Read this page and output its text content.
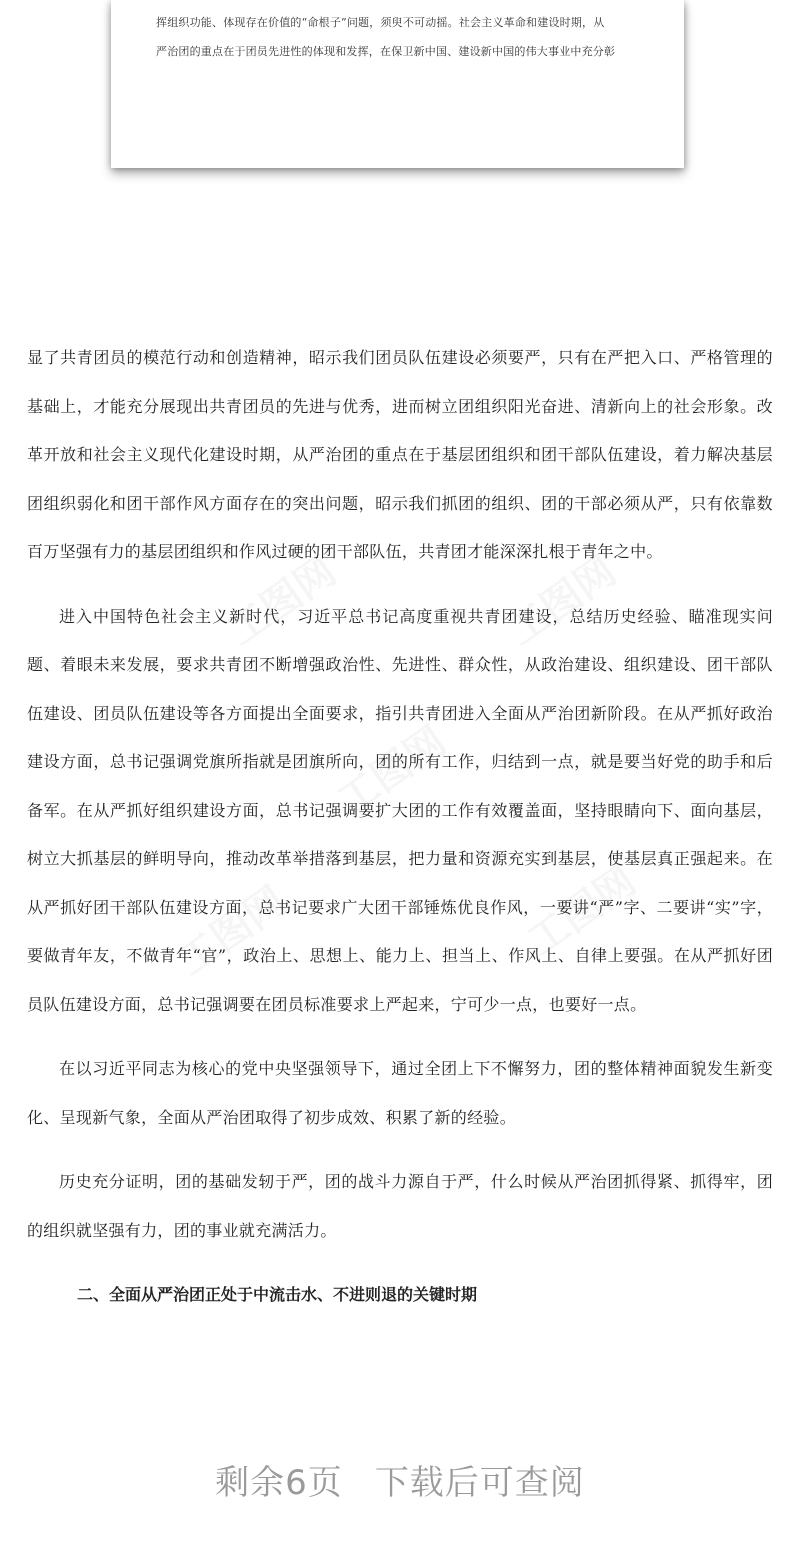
挥组织功能、体现存在价值的“命根子”问题，须臾不可动摇。社会主义革命和建设时期，从

严治团的重点在于团员先进性的体现和发挥，在保卫新中国、建设新中国的伟大事业中充分彰

工图网	工图网
工图网
工图网	工图网

显了共青团员的模范行动和创造精神，昭示我们团员队伍建设必须要严，只有在严把入口、严格管理的基础上，才能充分展现出共青团员的先进与优秀，进而树立团组织阳光奋进、清新向上的社会形象。改革开放和社会主义现代化建设时期，从严治团的重点在于基层团组织和团干部队伍建设，着力解决基层团组织弱化和团干部作风方面存在的突出问题，昭示我们抓团的组织、团的干部必须从严，只有依靠数百万坚强有力的基层团组织和作风过硬的团干部队伍，共青团才能深深扎根于青年之中。

进入中国特色社会主义新时代，习近平总书记高度重视共青团建设，总结历史经验、瞄准现实问题、着眼未来发展，要求共青团不断增强政治性、先进性、群众性，从政治建设、组织建设、团干部队伍建设、团员队伍建设等各方面提出全面要求，指引共青团进入全面从严治团新阶段。在从严抓好政治建设方面，总书记强调党旗所指就是团旗所向，团的所有工作，归结到一点，就是要当好党的助手和后备军。在从严抓好组织建设方面，总书记强调要扩大团的工作有效覆盖面，坚持眼睛向下、面向基层，树立大抓基层的鲜明导向，推动改革举措落到基层，把力量和资源充实到基层，使基层真正强起来。在从严抓好团干部队伍建设方面，总书记要求广大团干部锤炼优良作风，一要讲“严”字、二要讲“实”字，要做青年友，不做青年“官”，政治上、思想上、能力上、担当上、作风上、自律上要强。在从严抓好团员队伍建设方面，总书记强调要在团员标准要求上严起来，宁可少一点，也要好一点。

在以习近平同志为核心的党中央坚强领导下，通过全团上下不懈努力，团的整体精神面貌发生新变化、呈现新气象，全面从严治团取得了初步成效、积累了新的经验。

历史充分证明，团的基础发轫于严，团的战斗力源自于严，什么时候从严治团抓得紧、抓得牢，团的组织就坚强有力，团的事业就充满活力。

二、全面从严治团正处于中流击水、不进则退的关键时期
剩余6页 下载后可查阅
